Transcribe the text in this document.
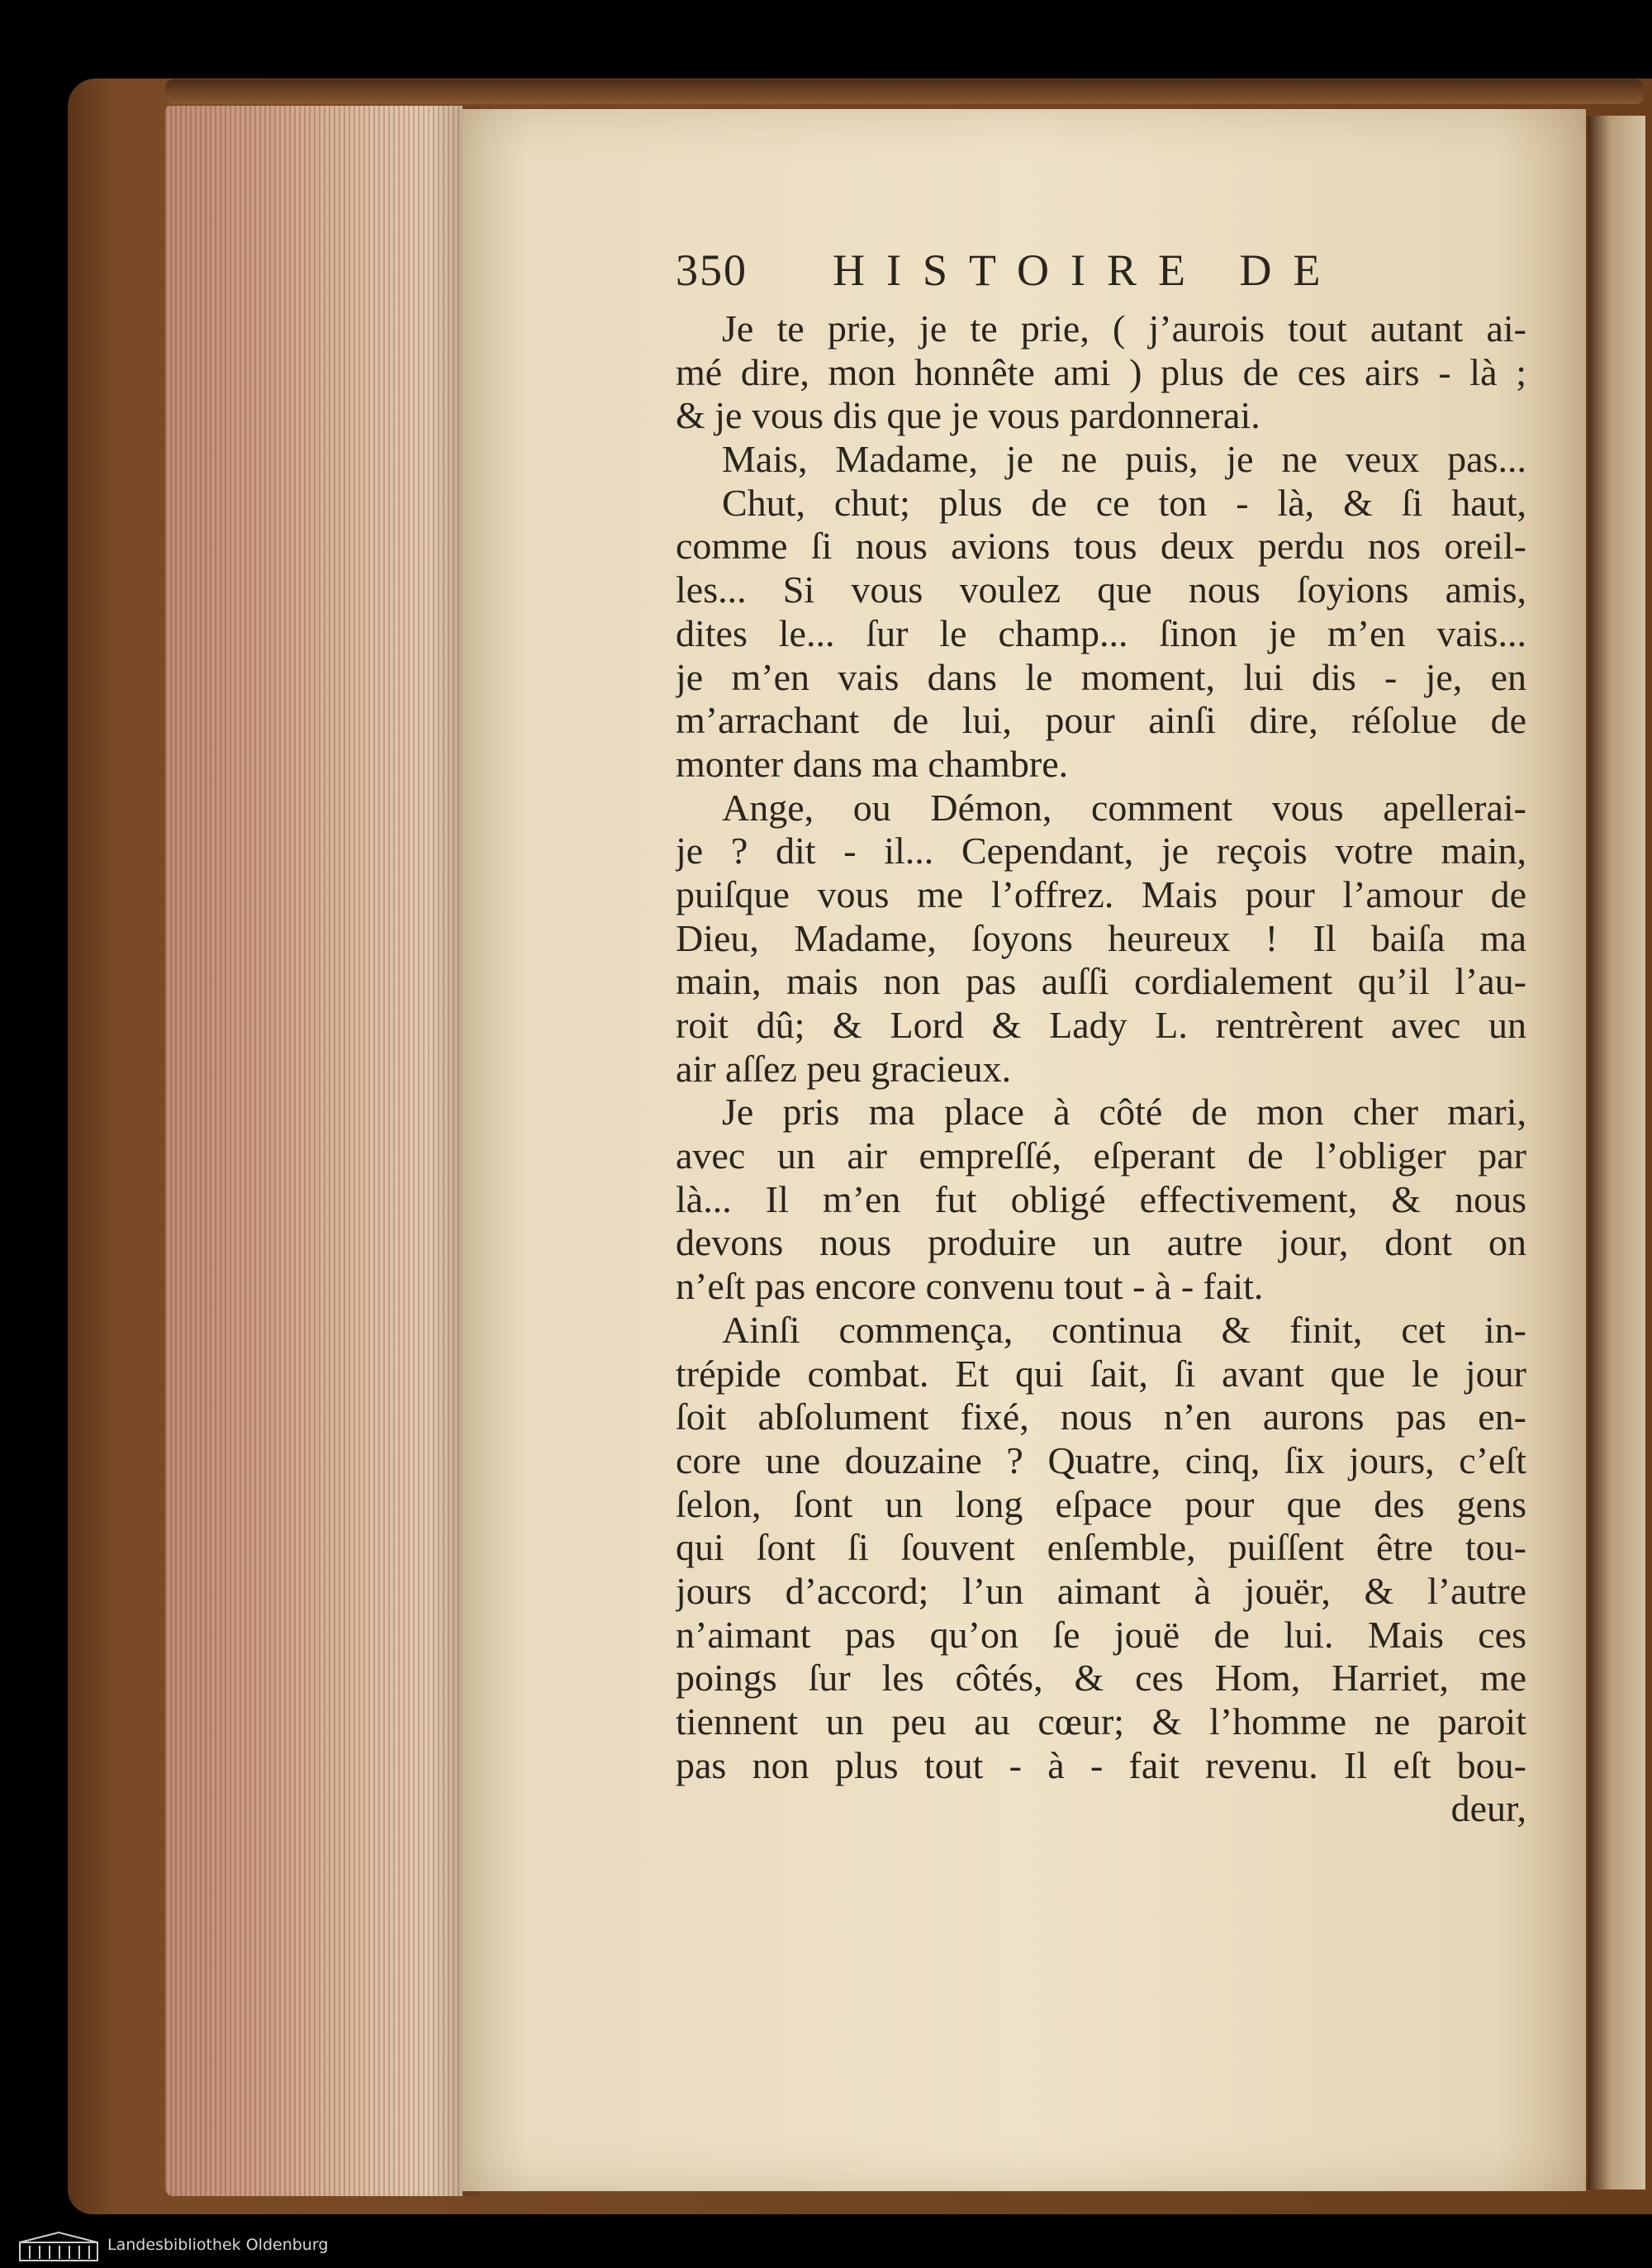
350 HISTOIRE DE
Je te prie, je te prie, ( j’aurois tout autant ai-
mé dire, mon honnête ami ) plus de ces airs - là ;
& je vous dis que je vous pardonnerai.
Mais, Madame, je ne puis, je ne veux pas...
Chut, chut; plus de ce ton - là, & ſi haut,
comme ſi nous avions tous deux perdu nos oreil-
les... Si vous voulez que nous ſoyions amis,
dites le... ſur le champ... ſinon je m’en vais...
je m’en vais dans le moment, lui dis - je, en
m’arrachant de lui, pour ainſi dire, réſolue de
monter dans ma chambre.
Ange, ou Démon, comment vous apellerai-
je ? dit - il... Cependant, je reçois votre main,
puiſque vous me l’offrez. Mais pour l’amour de
Dieu, Madame, ſoyons heureux ! Il baiſa ma
main, mais non pas auſſi cordialement qu’il l’au-
roit dû; & Lord & Lady L. rentrèrent avec un
air aſſez peu gracieux.
Je pris ma place à côté de mon cher mari,
avec un air empreſſé, eſperant de l’obliger par
là... Il m’en fut obligé effectivement, & nous
devons nous produire un autre jour, dont on
n’eſt pas encore convenu tout - à - fait.
Ainſi commença, continua & finit, cet in-
trépide combat. Et qui ſait, ſi avant que le jour
ſoit abſolument fixé, nous n’en aurons pas en-
core une douzaine ? Quatre, cinq, ſix jours, c’eſt
ſelon, ſont un long eſpace pour que des gens
qui ſont ſi ſouvent enſemble, puiſſent être tou-
jours d’accord; l’un aimant à jouër, & l’autre
n’aimant pas qu’on ſe jouë de lui. Mais ces
poings ſur les côtés, & ces Hom, Harriet, me
tiennent un peu au cœur; & l’homme ne paroit
pas non plus tout - à - fait revenu. Il eſt bou-
deur,
Landesbibliothek Oldenburg
